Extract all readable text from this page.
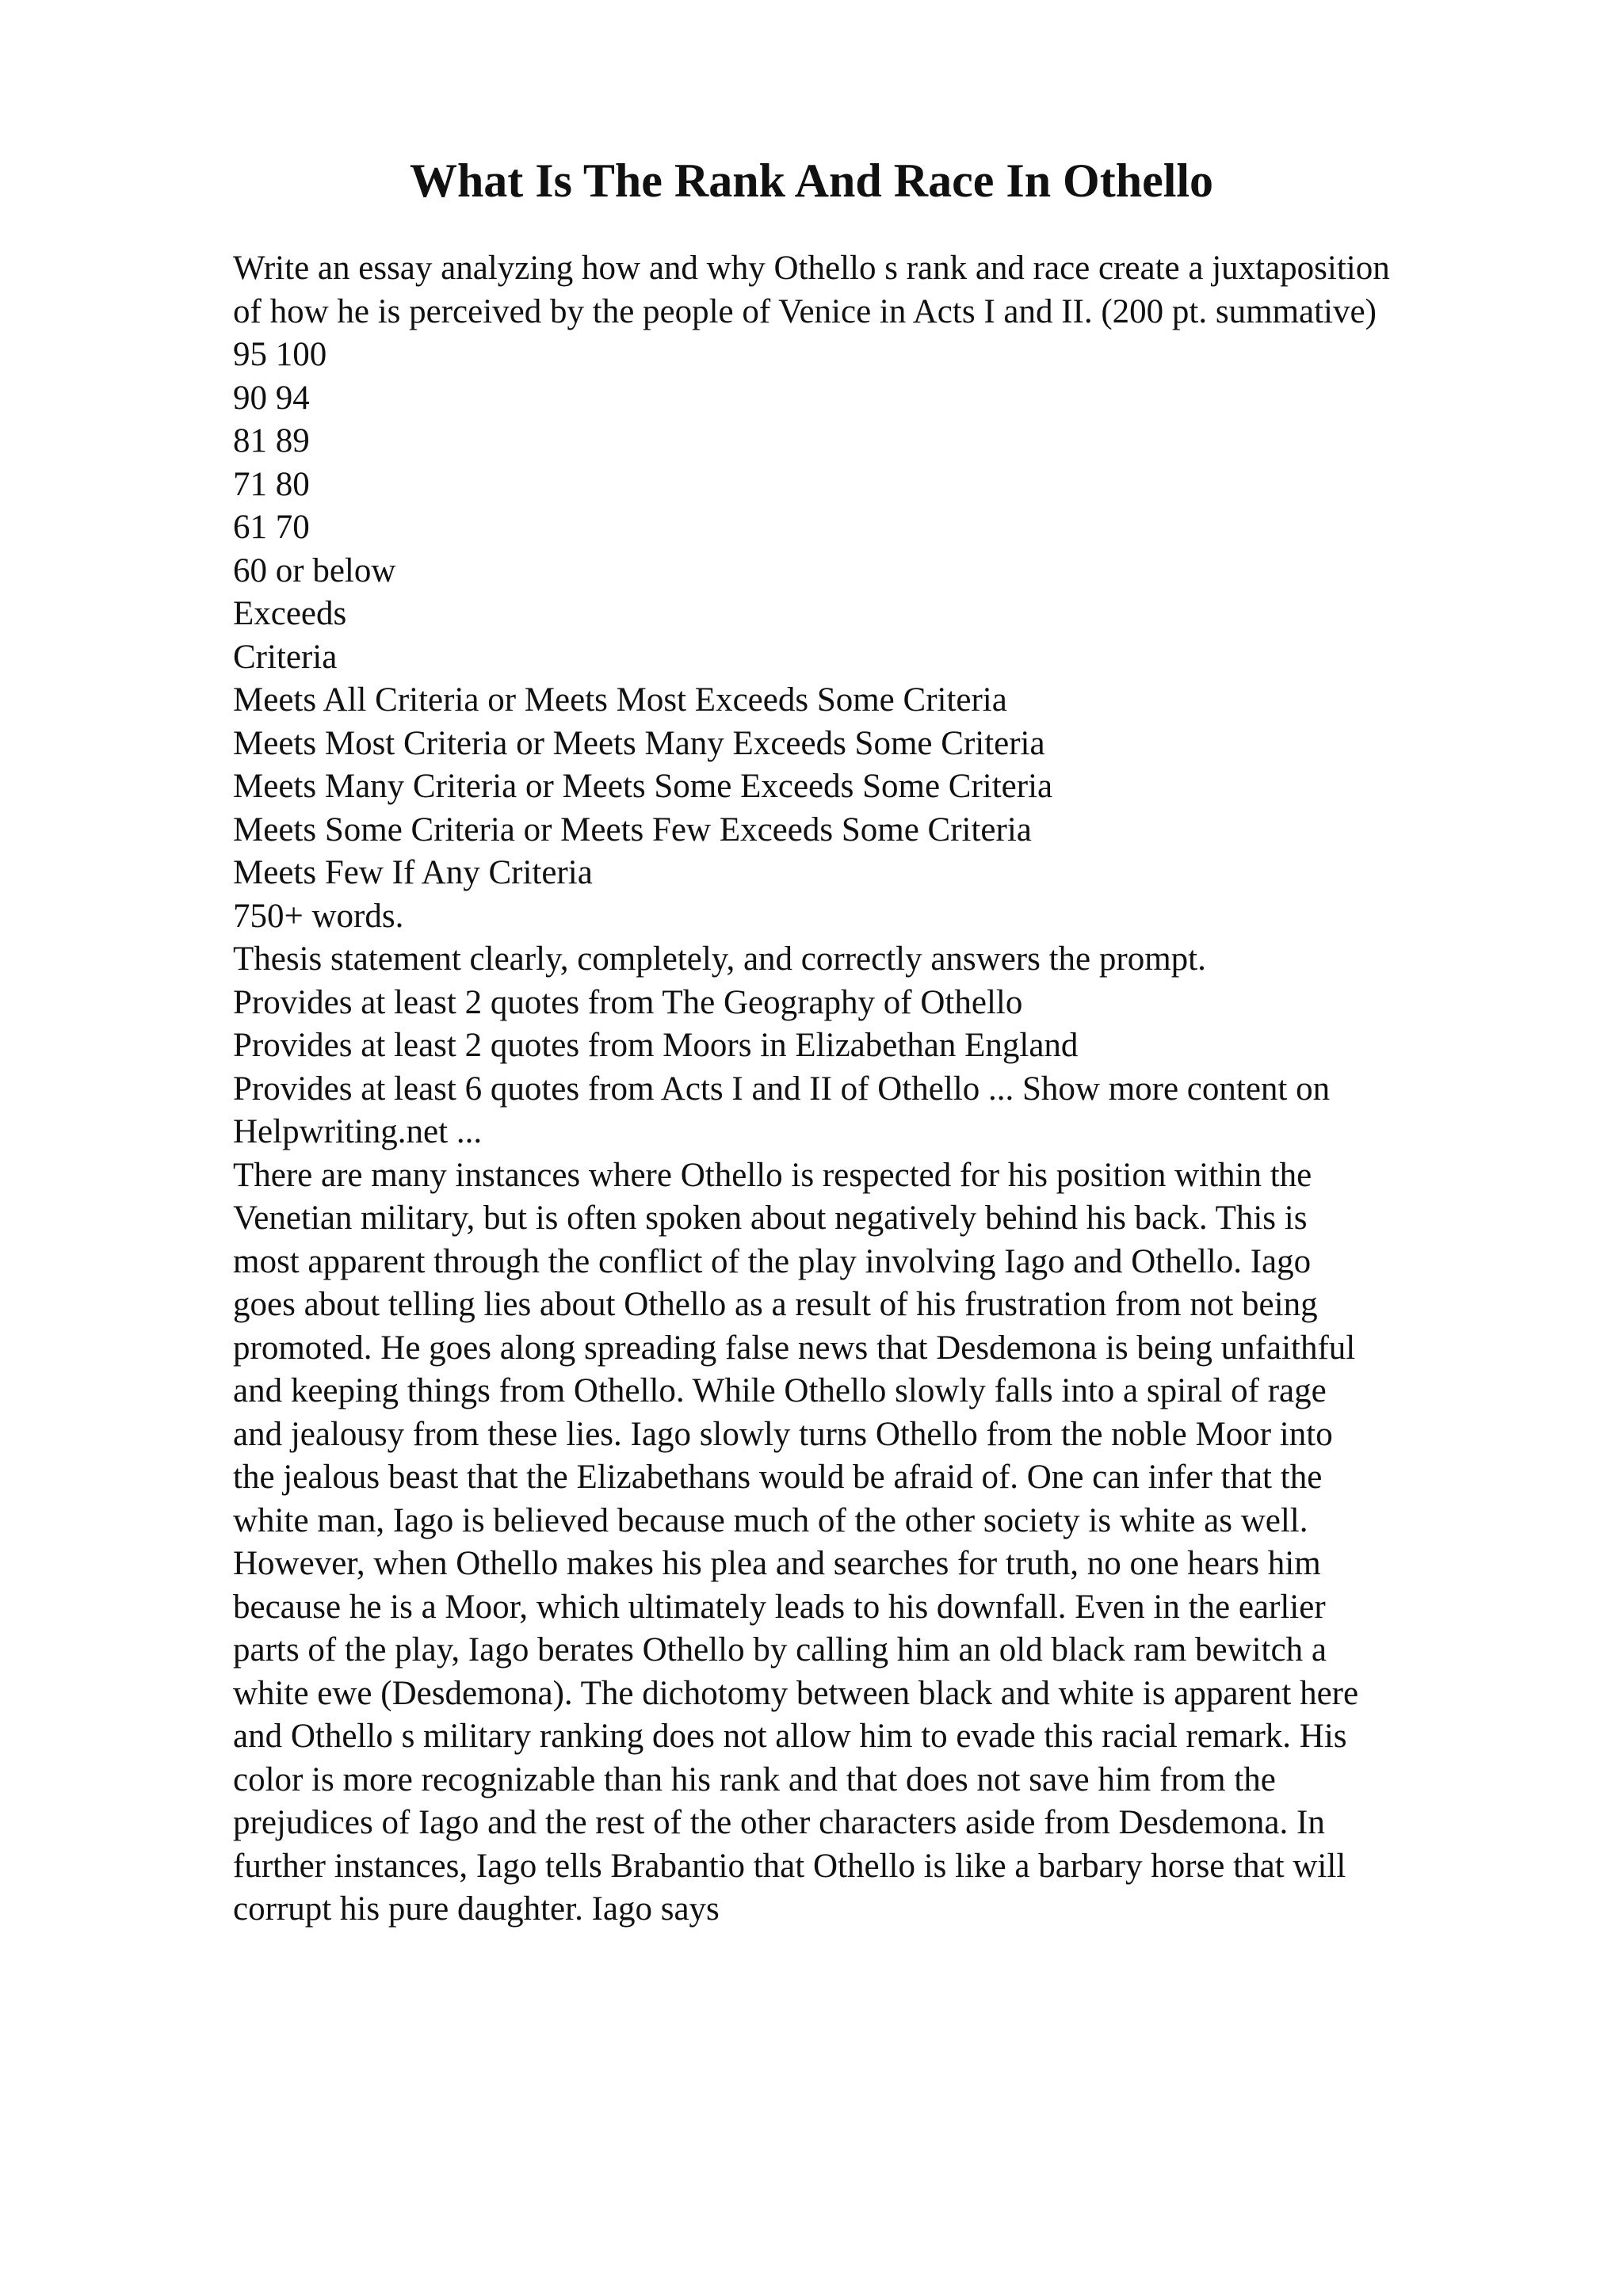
What Is The Rank And Race In Othello
Write an essay analyzing how and why Othello s rank and race create a juxtaposition
of how he is perceived by the people of Venice in Acts I and II. (200 pt. summative)
95 100
90 94
81 89
71 80
61 70
60 or below
Exceeds
Criteria
Meets All Criteria or Meets Most Exceeds Some Criteria
Meets Most Criteria or Meets Many Exceeds Some Criteria
Meets Many Criteria or Meets Some Exceeds Some Criteria
Meets Some Criteria or Meets Few Exceeds Some Criteria
Meets Few If Any Criteria
750+ words.
Thesis statement clearly, completely, and correctly answers the prompt.
Provides at least 2 quotes from The Geography of Othello
Provides at least 2 quotes from Moors in Elizabethan England
Provides at least 6 quotes from Acts I and II of Othello ... Show more content on
Helpwriting.net ...
There are many instances where Othello is respected for his position within the
Venetian military, but is often spoken about negatively behind his back. This is
most apparent through the conflict of the play involving Iago and Othello. Iago
goes about telling lies about Othello as a result of his frustration from not being
promoted. He goes along spreading false news that Desdemona is being unfaithful
and keeping things from Othello. While Othello slowly falls into a spiral of rage
and jealousy from these lies. Iago slowly turns Othello from the noble Moor into
the jealous beast that the Elizabethans would be afraid of. One can infer that the
white man, Iago is believed because much of the other society is white as well.
However, when Othello makes his plea and searches for truth, no one hears him
because he is a Moor, which ultimately leads to his downfall. Even in the earlier
parts of the play, Iago berates Othello by calling him an old black ram bewitch a
white ewe (Desdemona). The dichotomy between black and white is apparent here
and Othello s military ranking does not allow him to evade this racial remark. His
color is more recognizable than his rank and that does not save him from the
prejudices of Iago and the rest of the other characters aside from Desdemona. In
further instances, Iago tells Brabantio that Othello is like a barbary horse that will
corrupt his pure daughter. Iago says
